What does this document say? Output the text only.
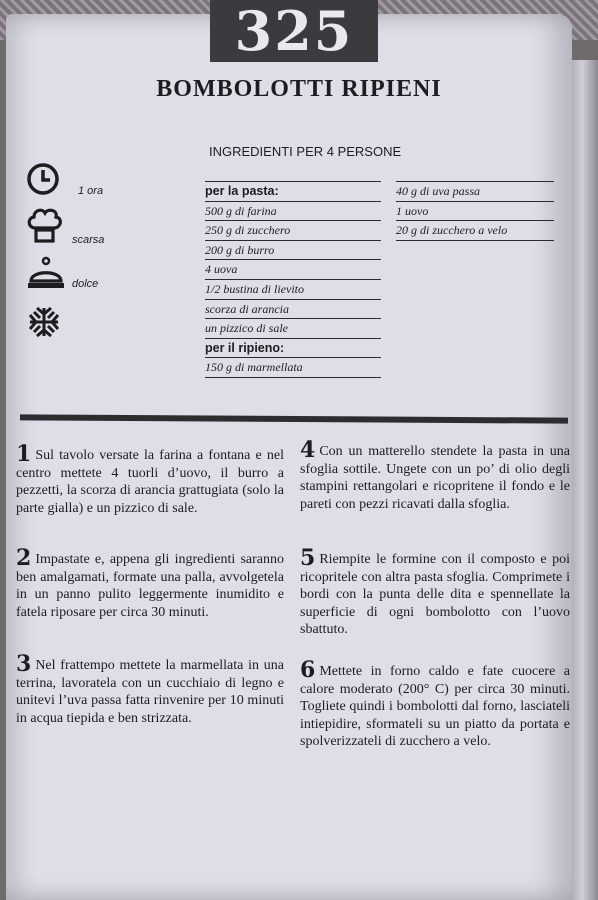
325
BOMBOLOTTI RIPIENI
INGREDIENTI PER 4 PERSONE
1 ora
scarsa
dolce
per la pasta:
500 g di farina
250 g di zucchero
200 g di burro
4 uova
1/2 bustina di lievito
scorza di arancia
un pizzico di sale
per il ripieno:
150 g di marmellata
40 g di uva passa
1 uovo
20 g di zucchero a velo
1 Sul tavolo versate la farina a fontana e nel centro mettete 4 tuorli d’uovo, il burro a pezzetti, la scorza di arancia grattugiata (solo la parte gialla) e un pizzico di sale.
2 Impastate e, appena gli ingredienti saranno ben amalgamati, formate una palla, avvolgetela in un panno pulito leggermente inumidito e fatela riposare per circa 30 minuti.
3 Nel frattempo mettete la marmellata in una terrina, lavoratela con un cucchiaio di legno e unitevi l’uva passa fatta rinvenire per 10 minuti in acqua tiepida e ben strizzata.
4 Con un matterello stendete la pasta in una sfoglia sottile. Ungete con un po’ di olio degli stampini rettangolari e ricopritene il fondo e le pareti con pezzi ricavati dalla sfoglia.
5 Riempite le formine con il composto e poi ricopritele con altra pasta sfoglia. Comprimete i bordi con la punta delle dita e spennellate la superficie di ogni bombolotto con l’uovo sbattuto.
6 Mettete in forno caldo e fate cuocere a calore moderato (200° C) per circa 30 minuti. Togliete quindi i bombolotti dal forno, lasciateli intiepidire, sformateli su un piatto da portata e spolverizzateli di zucchero a velo.
